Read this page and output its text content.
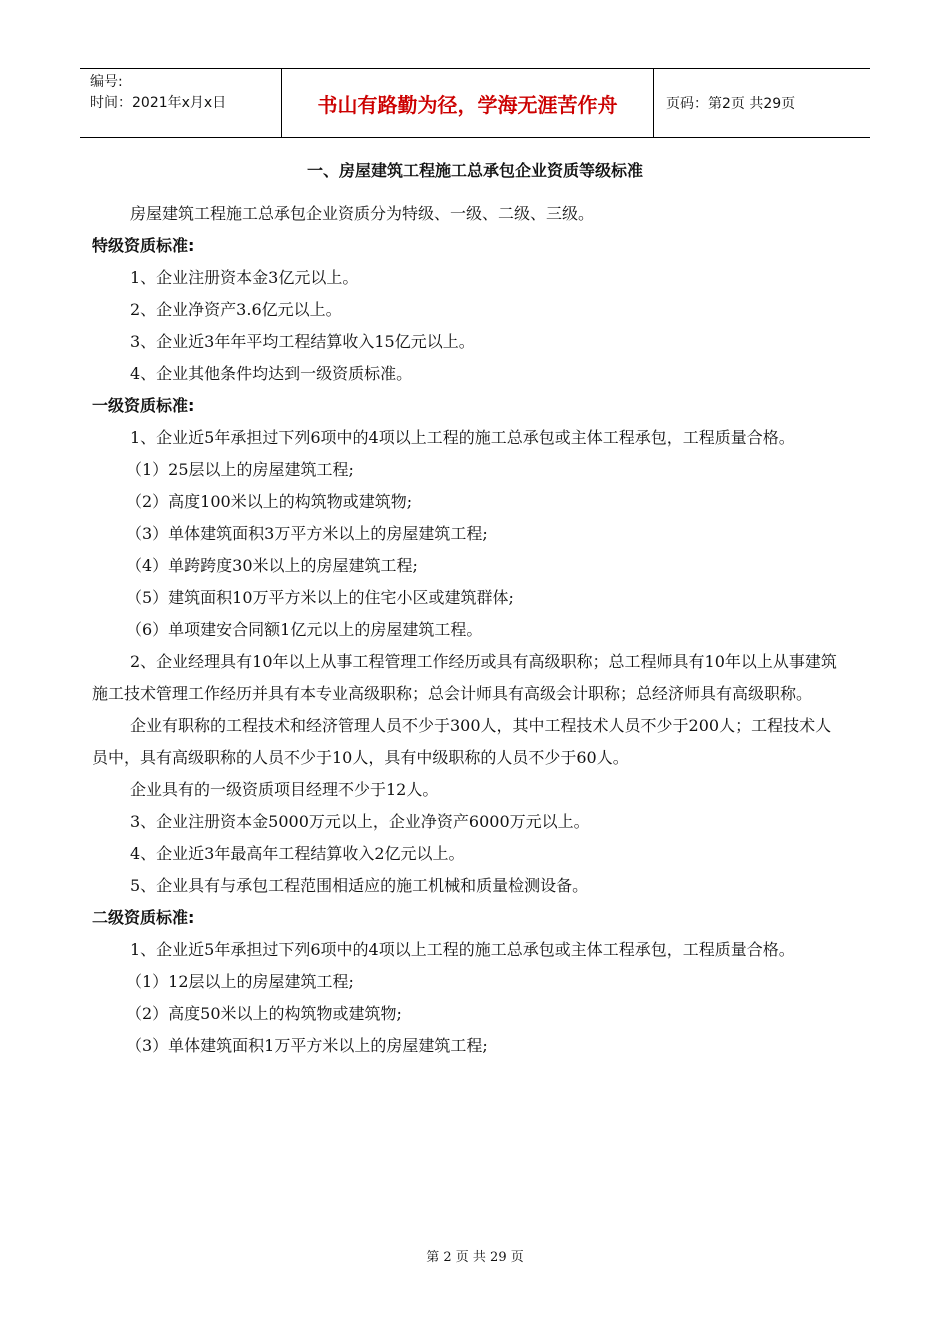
编号:
时间：2021年x月x日	书山有路勤为径，学海无涯苦作舟	页码：第2页 共29页
一、房屋建筑工程施工总承包企业资质等级标准
房屋建筑工程施工总承包企业资质分为特级、一级、二级、三级。
特级资质标准:
1、企业注册资本金3亿元以上。
2、企业净资产3.6亿元以上。
3、企业近3年年平均工程结算收入15亿元以上。
4、企业其他条件均达到一级资质标准。
一级资质标准:
1、企业近5年承担过下列6项中的4项以上工程的施工总承包或主体工程承包，工程质量合格。
（1）25层以上的房屋建筑工程;
（2）高度100米以上的构筑物或建筑物;
（3）单体建筑面积3万平方米以上的房屋建筑工程;
（4）单跨跨度30米以上的房屋建筑工程;
（5）建筑面积10万平方米以上的住宅小区或建筑群体;
（6）单项建安合同额1亿元以上的房屋建筑工程。
2、企业经理具有10年以上从事工程管理工作经历或具有高级职称；总工程师具有10年以上从事建筑施工技术管理工作经历并具有本专业高级职称；总会计师具有高级会计职称；总经济师具有高级职称。
企业有职称的工程技术和经济管理人员不少于300人，其中工程技术人员不少于200人；工程技术人员中，具有高级职称的人员不少于10人，具有中级职称的人员不少于60人。
企业具有的一级资质项目经理不少于12人。
3、企业注册资本金5000万元以上，企业净资产6000万元以上。
4、企业近3年最高年工程结算收入2亿元以上。
5、企业具有与承包工程范围相适应的施工机械和质量检测设备。
二级资质标准:
1、企业近5年承担过下列6项中的4项以上工程的施工总承包或主体工程承包，工程质量合格。
（1）12层以上的房屋建筑工程;
（2）高度50米以上的构筑物或建筑物;
（3）单体建筑面积1万平方米以上的房屋建筑工程;
第 2 页 共 29 页
